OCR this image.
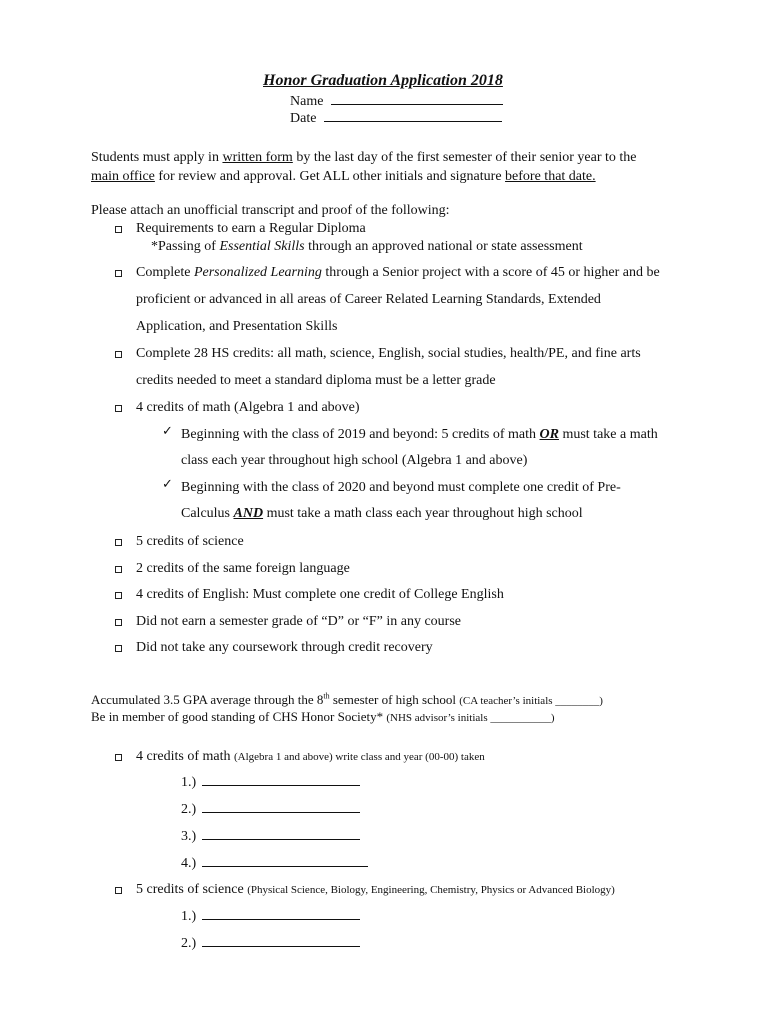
Honor Graduation Application 2018
Name
Date
Students must apply in written form by the last day of the first semester of their senior year to the
main office for review and approval. Get ALL other initials and signature before that date.
Please attach an unofficial transcript and proof of the following:
Requirements to earn a Regular Diploma
*Passing of Essential Skills through an approved national or state assessment
Complete Personalized Learning through a Senior project with a score of 45 or higher and be
proficient or advanced in all areas of Career Related Learning Standards, Extended
Application, and Presentation Skills
Complete 28 HS credits: all math, science, English, social studies, health/PE, and fine arts
credits needed to meet a standard diploma must be a letter grade
4 credits of math (Algebra 1 and above)
✓ Beginning with the class of 2019 and beyond: 5 credits of math OR must take a math
class each year throughout high school (Algebra 1 and above)
✓ Beginning with the class of 2020 and beyond must complete one credit of Pre-
Calculus AND must take a math class each year throughout high school
5 credits of science
2 credits of the same foreign language
4 credits of English: Must complete one credit of College English
Did not earn a semester grade of “D” or “F” in any course
Did not take any coursework through credit recovery
Accumulated 3.5 GPA average through the 8th semester of high school (CA teacher’s initials ________)
Be in member of good standing of CHS Honor Society* (NHS advisor’s initials ___________)
4 credits of math (Algebra 1 and above) write class and year (00-00) taken
1.)
2.)
3.)
4.)
5 credits of science (Physical Science, Biology, Engineering, Chemistry, Physics or Advanced Biology)
1.)
2.)
